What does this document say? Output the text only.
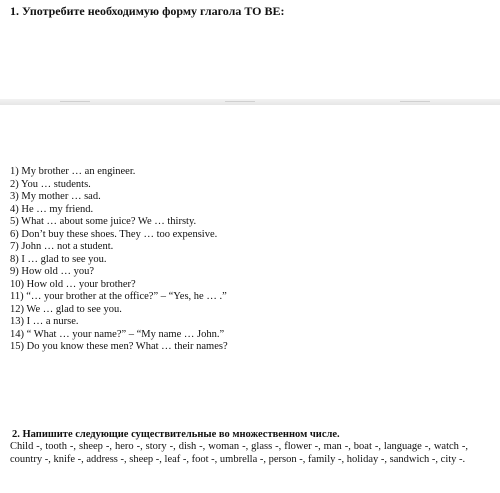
1. Употребите необходимую форму глагола TO BE:
1) My brother … an engineer.
2) You … students.
3) My mother … sad.
4) He … my friend.
5) What … about some juice? We … thirsty.
6) Don’t buy these shoes. They … too expensive.
7) John … not a student.
8) I … glad to see you.
9) How old … you?
10) How old … your brother?
11) “… your brother at the office?” – “Yes, he … .”
12) We … glad to see you.
13) I … a nurse.
14) “ What … your name?” – “My name … John.”
15) Do you know these men? What … their names?
2. Напишите следующие существительные во множественном числе.

Child -, tooth -, sheep -, hero -, story -, dish -, woman -, glass -, flower -, man -, boat -, language -, watch -, country -, knife -, address -, sheep -, leaf -, foot -, umbrella -, person -, family -, holiday -, sandwich -, city -.
